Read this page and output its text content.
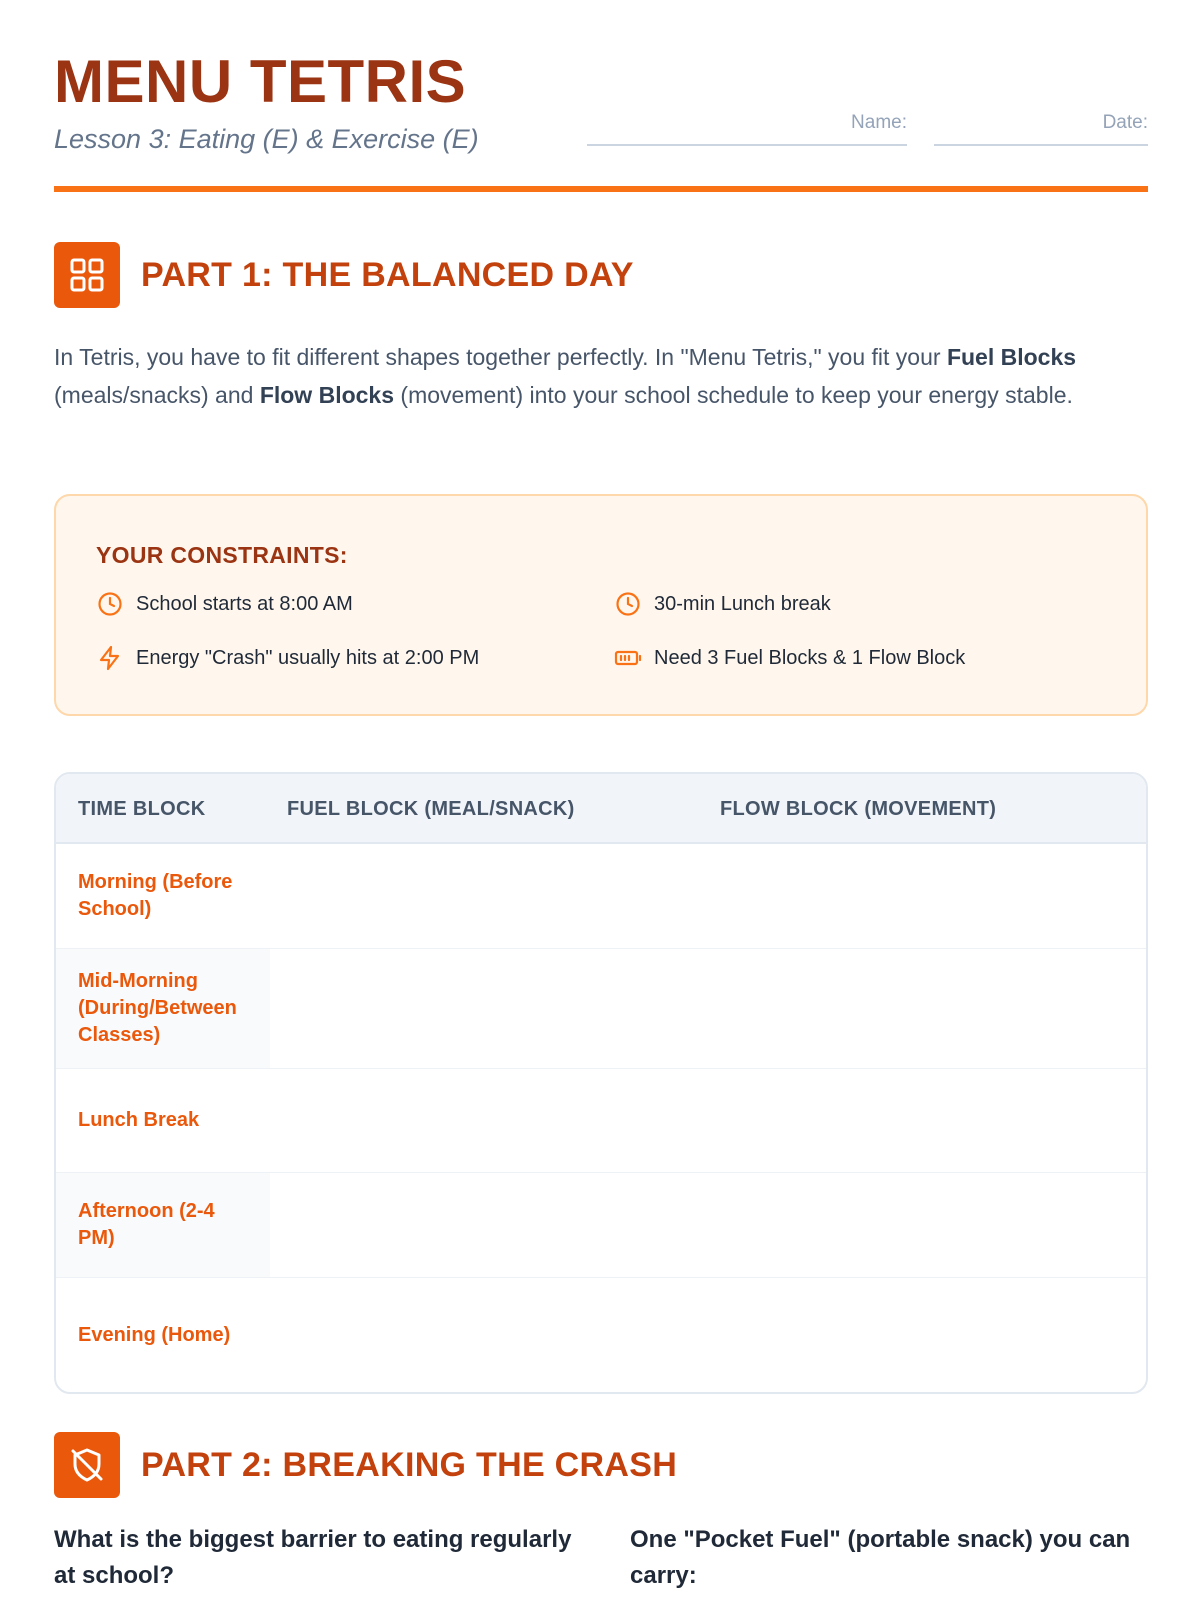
MENU TETRIS
Lesson 3: Eating (E) & Exercise (E)
Name:	Date:
PART 1: THE BALANCED DAY

In Tetris, you have to fit different shapes together perfectly. In "Menu Tetris," you fit your Fuel Blocks (meals/snacks) and Flow Blocks (movement) into your school schedule to keep your energy stable.

YOUR CONSTRAINTS:
School starts at 8:00 AM	30-min Lunch break
Energy "Crash" usually hits at 2:00 PM	Need 3 Fuel Blocks & 1 Flow Block
TIME BLOCK	FUEL BLOCK (MEAL/SNACK)	FLOW BLOCK (MOVEMENT)
Morning (Before School)
Mid-Morning (During/Between Classes)
Lunch Break
Afternoon (2-4 PM)
Evening (Home)
PART 2: BREAKING THE CRASH
What is the biggest barrier to eating regularly at school?
One "Pocket Fuel" (portable snack) you can carry:
